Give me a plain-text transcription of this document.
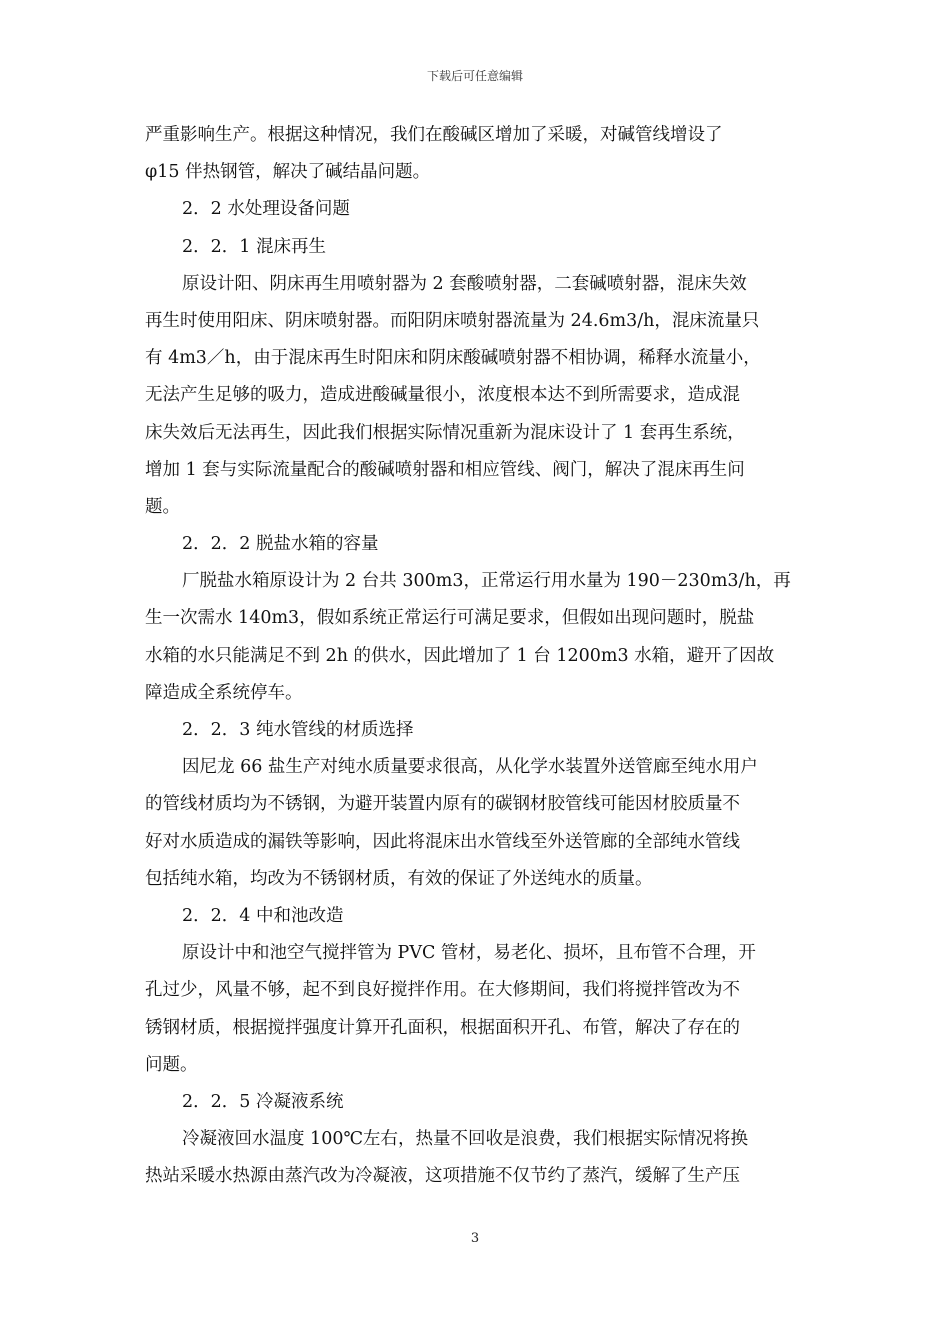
下载后可任意编辑
严重影响生产。根据这种情况，我们在酸碱区增加了采暖，对碱管线增设了
φ15 伴热钢管，解决了碱结晶问题。
2．2 水处理设备问题
2．2．1 混床再生
原设计阳、阴床再生用喷射器为 2 套酸喷射器，二套碱喷射器，混床失效
再生时使用阳床、阴床喷射器。而阳阴床喷射器流量为 24.6m3/h，混床流量只
有 4m3／h，由于混床再生时阳床和阴床酸碱喷射器不相协调，稀释水流量小，
无法产生足够的吸力，造成进酸碱量很小，浓度根本达不到所需要求，造成混
床失效后无法再生，因此我们根据实际情况重新为混床设计了 1 套再生系统，
增加 1 套与实际流量配合的酸碱喷射器和相应管线、阀门，解决了混床再生问
题。
2．2．2 脱盐水箱的容量
厂脱盐水箱原设计为 2 台共 300m3，正常运行用水量为 190－230m3/h，再
生一次需水 140m3，假如系统正常运行可满足要求，但假如出现问题时，脱盐
水箱的水只能满足不到 2h 的供水，因此增加了 1 台 1200m3 水箱，避开了因故
障造成全系统停车。
2．2．3 纯水管线的材质选择
因尼龙 66 盐生产对纯水质量要求很高，从化学水装置外送管廊至纯水用户
的管线材质均为不锈钢，为避开装置内原有的碳钢材胶管线可能因材胶质量不
好对水质造成的漏铁等影响，因此将混床出水管线至外送管廊的全部纯水管线
包括纯水箱，均改为不锈钢材质，有效的保证了外送纯水的质量。
2．2．4 中和池改造
原设计中和池空气搅拌管为 PVC 管材，易老化、损坏，且布管不合理，开
孔过少，风量不够，起不到良好搅拌作用。在大修期间，我们将搅拌管改为不
锈钢材质，根据搅拌强度计算开孔面积，根据面积开孔、布管，解决了存在的
问题。
2．2．5 冷凝液系统
冷凝液回水温度 100℃左右，热量不回收是浪费，我们根据实际情况将换
热站采暖水热源由蒸汽改为冷凝液，这项措施不仅节约了蒸汽，缓解了生产压
3
